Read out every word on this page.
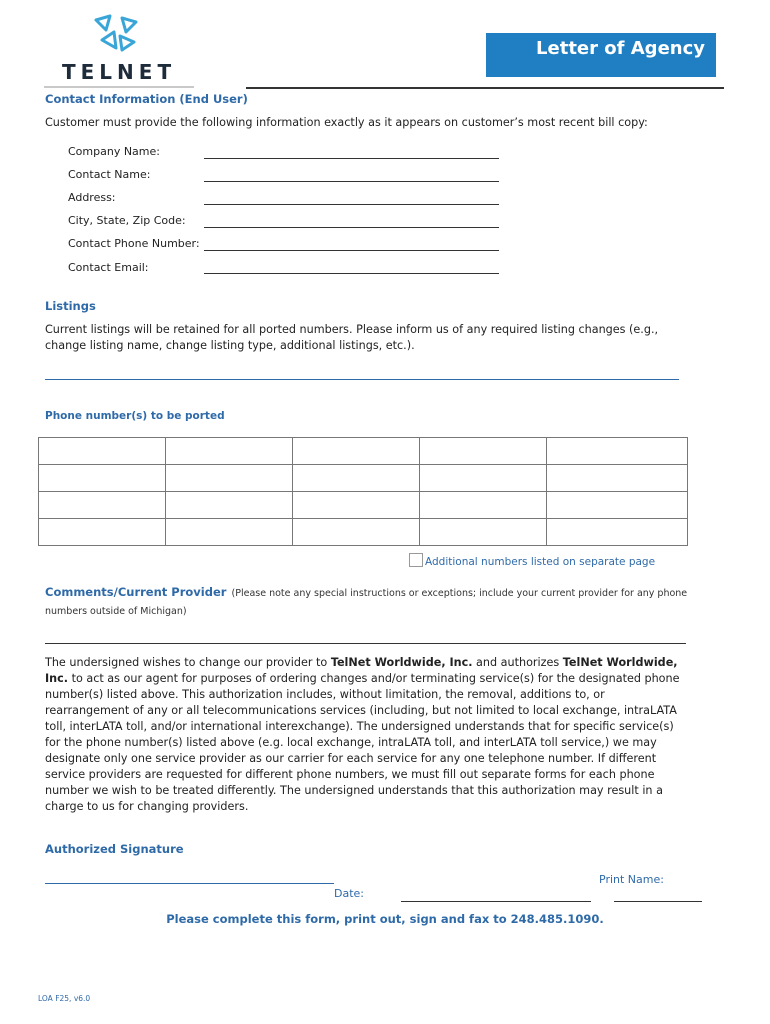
TELNET
Letter of Agency
Contact Information (End User)
Customer must provide the following information exactly as it appears on customer’s most recent bill copy:
Company Name:
Contact Name:
Address:
City, State, Zip Code:
Contact Phone Number:
Contact Email:
Listings
Current listings will be retained for all ported numbers. Please inform us of any required listing changes (e.g., change listing name, change listing type, additional listings, etc.).
Phone number(s) to be ported

Additional numbers listed on separate page
Comments/Current Provider (Please note any special instructions or exceptions; include your current provider for any phone numbers outside of Michigan)
The undersigned wishes to change our provider to TelNet Worldwide, Inc. and authorizes TelNet Worldwide, Inc. to act as our agent for purposes of ordering changes and/or terminating service(s) for the designated phone number(s) listed above. This authorization includes, without limitation, the removal, additions to, or rearrangement of any or all telecommunications services (including, but not limited to local exchange, intraLATA toll, interLATA toll, and/or international interexchange). The undersigned understands that for specific service(s) for the phone number(s) listed above (e.g. local exchange, intraLATA toll, and interLATA toll service,) we may designate only one service provider as our carrier for each service for any one telephone number. If different service providers are requested for different phone numbers, we must fill out separate forms for each phone number we wish to be treated differently. The undersigned understands that this authorization may result in a charge to us for changing providers.
Authorized Signature
Print Name:
Date:
Please complete this form, print out, sign and fax to 248.485.1090.
LOA F25, v6.0
